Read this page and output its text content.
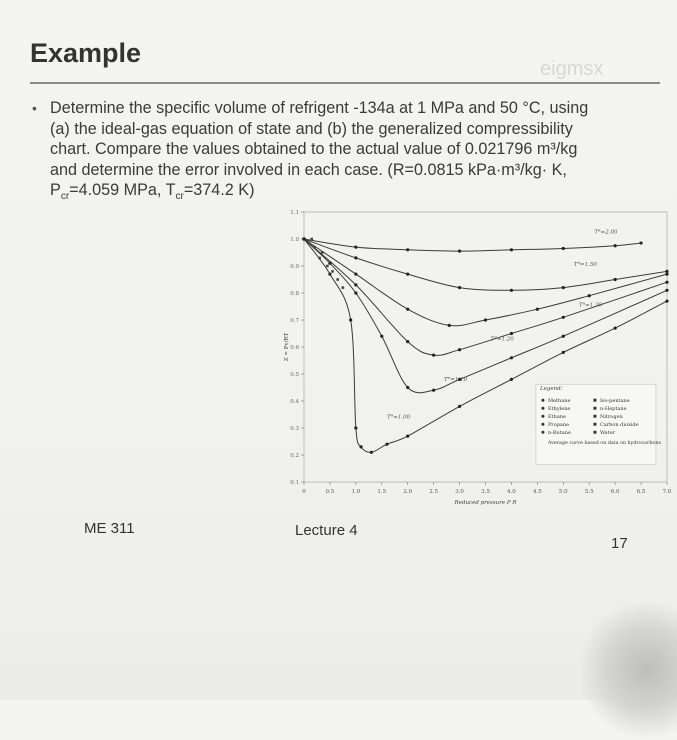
Example
eigmsx
• Determine the specific volume of refrigent -134a at 1 MPa and 50 °C, using
(a) the ideal-gas equation of state and (b) the generalized compressibility
chart. Compare the values obtained to the actual value of 0.021796 m³/kg
and determine the error involved in each case. (R=0.0815 kPa·m³/kg· K,
$P_{cr}=4.059$ MPa, $T_{cr}=374.2$ K)
0.1
0.2
0.3
0.4
0.5
0.6
0.7
0.8
0.9
1.0
1.1
0	0.5	1.0	1.5	2.0	2.5	3.0	3.5	4.0	4.5	5.0	5.5	6.0	6.5	7.0
Reduced pressure P R
Z = Pv/RT
Tᴿ=2.00
Tᴿ=1.50
Tᴿ=1.30
Tᴿ=1.20
Tᴿ=1.10
Tᴿ=1.00
Legend:
Methane	Iso-pentane
Ethylene	n-Heptane
Ethane	Nitrogen
Propane	Carbon dioxide
n-Butane	Water
Average curve based on data on hydrocarbons
ME 311	Lecture 4
17
